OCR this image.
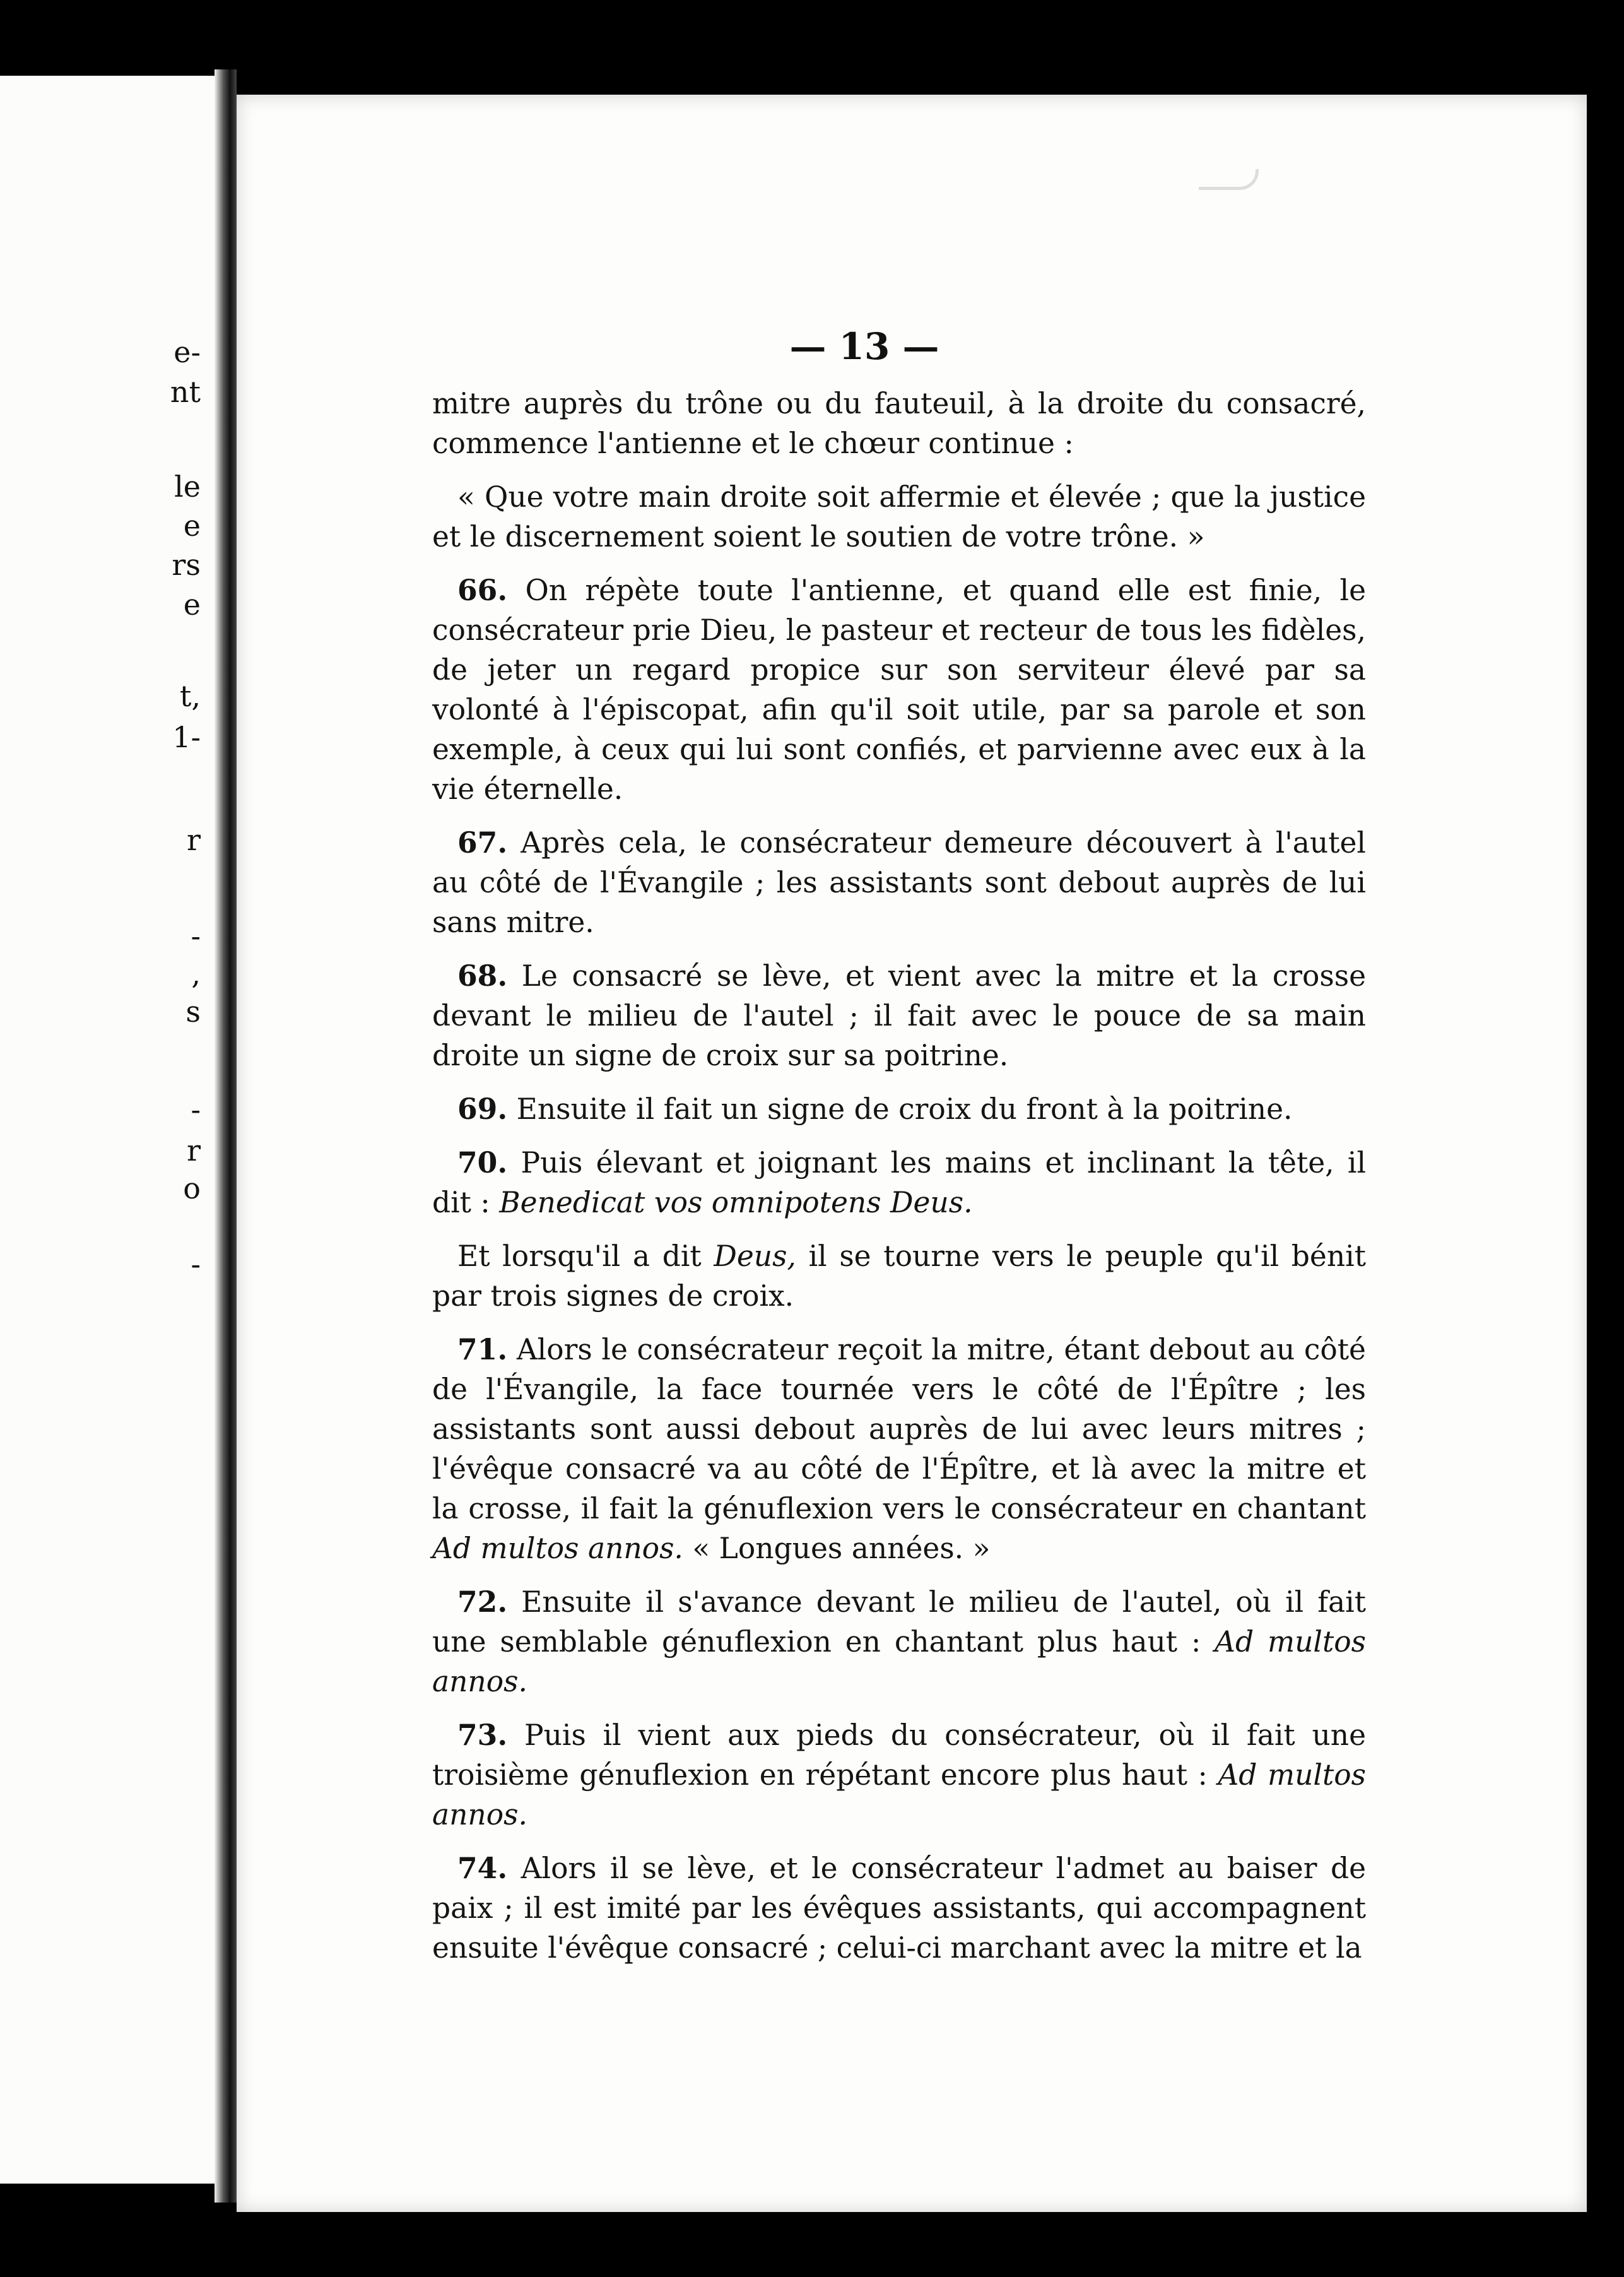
e-
nt
le
e
rs
e
t,
1-
r
-
,
s
-
r
o
-
— 13 —

mitre auprès du trône ou du fauteuil, à la droite du consacré, commence l'antienne et le chœur continue :

« Que votre main droite soit affermie et élevée ; que la justice et le discernement soient le soutien de votre trône. »

66. On répète toute l'antienne, et quand elle est finie, le consécrateur prie Dieu, le pasteur et recteur de tous les fidèles, de jeter un regard propice sur son serviteur élevé par sa volonté à l'épiscopat, afin qu'il soit utile, par sa parole et son exemple, à ceux qui lui sont confiés, et parvienne avec eux à la vie éternelle.

67. Après cela, le consécrateur demeure découvert à l'autel au côté de l'Évangile ; les assistants sont debout auprès de lui sans mitre.

68. Le consacré se lève, et vient avec la mitre et la crosse devant le milieu de l'autel ; il fait avec le pouce de sa main droite un signe de croix sur sa poitrine.

69. Ensuite il fait un signe de croix du front à la poitrine.

70. Puis élevant et joignant les mains et inclinant la tête, il dit : Benedicat vos omnipotens Deus.

Et lorsqu'il a dit Deus, il se tourne vers le peuple qu'il bénit par trois signes de croix.

71. Alors le consécrateur reçoit la mitre, étant debout au côté de l'Évangile, la face tournée vers le côté de l'Épître ; les assistants sont aussi debout auprès de lui avec leurs mitres ; l'évêque consacré va au côté de l'Épître, et là avec la mitre et la crosse, il fait la génuflexion vers le consécrateur en chantant Ad multos annos. « Longues années. »

72. Ensuite il s'avance devant le milieu de l'autel, où il fait une semblable génuflexion en chantant plus haut : Ad multos annos.

73. Puis il vient aux pieds du consécrateur, où il fait une troisième génuflexion en répétant encore plus haut : Ad multos annos.

74. Alors il se lève, et le consécrateur l'admet au baiser de paix ; il est imité par les évêques assistants, qui accompagnent ensuite l'évêque consacré ; celui-ci marchant avec la mitre et la
